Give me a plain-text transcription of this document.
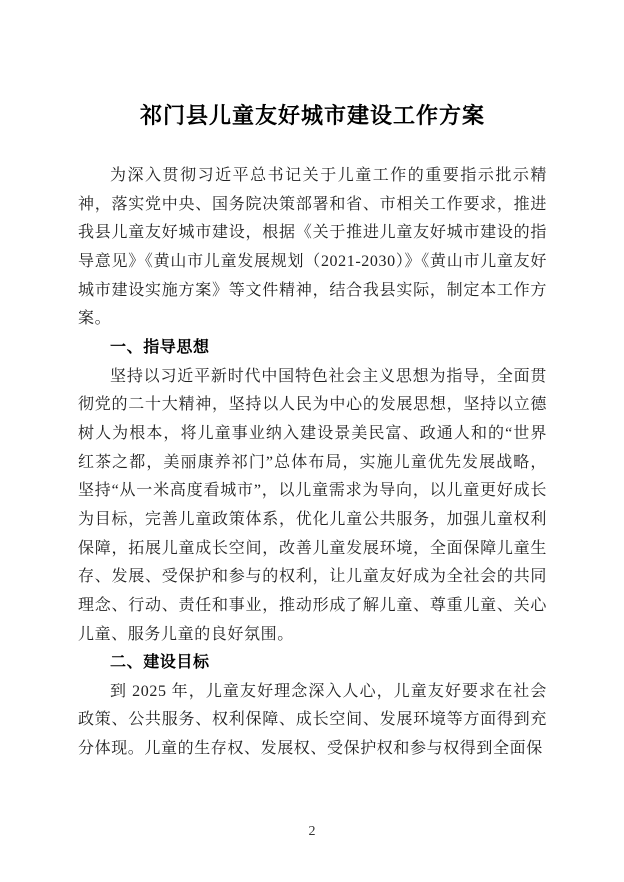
祁门县儿童友好城市建设工作方案

为深入贯彻习近平总书记关于儿童工作的重要指示批示精神，落实党中央、国务院决策部署和省、市相关工作要求，推进我县儿童友好城市建设，根据《关于推进儿童友好城市建设的指导意见》《黄山市儿童发展规划（2021-2030）》《黄山市儿童友好城市建设实施方案》等文件精神，结合我县实际，制定本工作方案。

一、指导思想

坚持以习近平新时代中国特色社会主义思想为指导，全面贯彻党的二十大精神，坚持以人民为中心的发展思想，坚持以立德树人为根本，将儿童事业纳入建设景美民富、政通人和的“世界红茶之都，美丽康养祁门”总体布局，实施儿童优先发展战略，坚持“从一米高度看城市”，以儿童需求为导向，以儿童更好成长为目标，完善儿童政策体系，优化儿童公共服务，加强儿童权利保障，拓展儿童成长空间，改善儿童发展环境，全面保障儿童生存、发展、受保护和参与的权利，让儿童友好成为全社会的共同理念、行动、责任和事业，推动形成了解儿童、尊重儿童、关心儿童、服务儿童的良好氛围。

二、建设目标

到 2025 年，儿童友好理念深入人心，儿童友好要求在社会政策、公共服务、权利保障、成长空间、发展环境等方面得到充分体现。儿童的生存权、发展权、受保护权和参与权得到全面保

2
